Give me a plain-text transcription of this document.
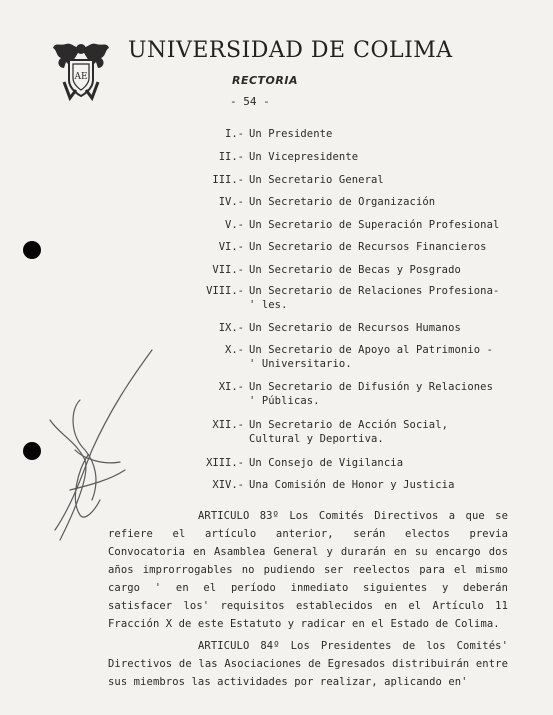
AE
UNIVERSIDAD DE COLIMA
RECTORIA
- 54 -
I.- Un Presidente
II.- Un Vicepresidente
III.- Un Secretario General
IV.- Un Secretario de Organización
V.- Un Secretario de Superación Profesional
VI.- Un Secretario de Recursos Financieros
VII.- Un Secretario de Becas y Posgrado
VIII.- Un Secretario de Relaciones Profesiona-' les.
IX.- Un Secretario de Recursos Humanos
X.- Un Secretario de Apoyo al Patrimonio - ' Universitario.
XI.- Un Secretario de Difusión y Relaciones ' Públicas.
XII.- Un Secretario de Acción Social, Cultural y Deportiva.
XIII.- Un Consejo de Vigilancia
XIV.- Una Comisión de Honor y Justicia
ARTICULO 83º Los Comités Directivos a que se refiere el artículo anterior, serán electos previa Convocatoria en Asamblea General y durarán en su encargo dos años improrrogables no pudiendo ser reelectos para el mismo cargo ' en el período inmediato siguientes y deberán satisfacer los' requisitos establecidos en el Artículo 11 Fracción X de este Estatuto y radicar en el Estado de Colima.
ARTICULO 84º Los Presidentes de los Comités' Directivos de las Asociaciones de Egresados distribuirán entre sus miembros las actividades por realizar, aplicando en'
